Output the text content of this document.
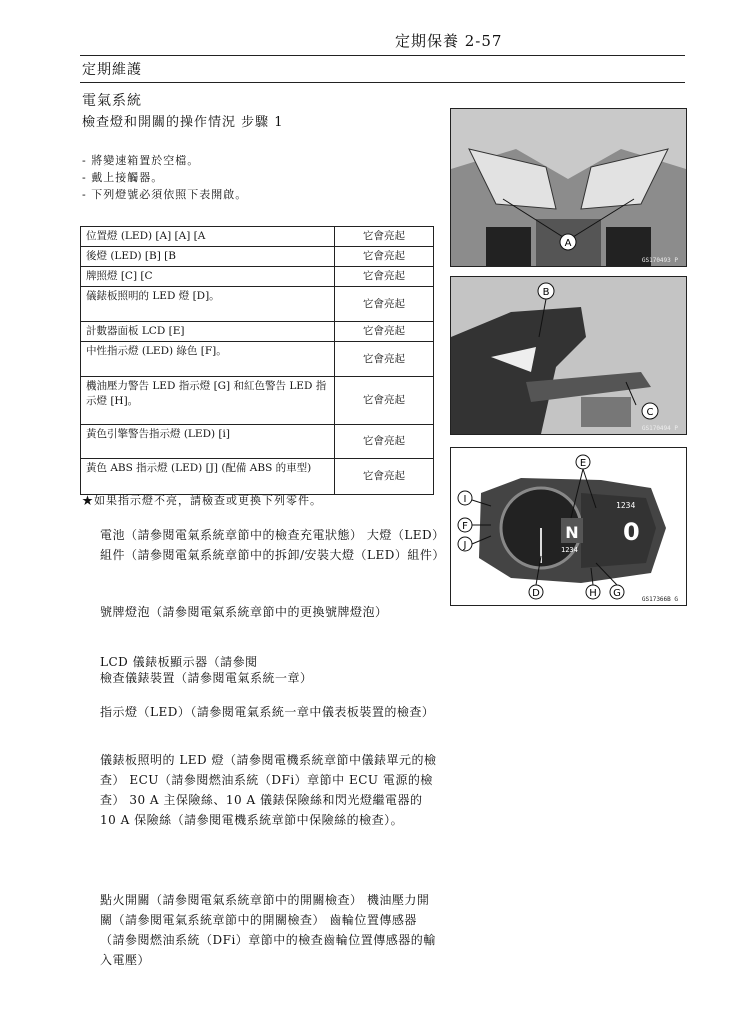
定期保養 2-57
定期維護
電氣系統
檢查燈和開關的操作情況 步驟 1
- 將變速箱置於空檔。
- 戴上接觸器。
- 下列燈號必須依照下表開啟。
位置燈 (LED) [A] [A] [A	它會亮起
後燈 (LED) [B] [B	它會亮起
牌照燈 [C] [C	它會亮起
儀錶板照明的 LED 燈 [D]。	它會亮起
計數器面板 LCD [E]	它會亮起
中性指示燈 (LED) 綠色 [F]。	它會亮起
機油壓力警告 LED 指示燈 [G] 和紅色警告 LED 指示燈 [H]。	它會亮起
黃色引擎警告指示燈 (LED) [i]	它會亮起
黃色 ABS 指示燈 (LED) [J] (配備 ABS 的車型)	它會亮起
★如果指示燈不亮，請檢查或更換下列零件。
電池（請參閱電氣系統章節中的檢查充電狀態） 大燈（LED）組件（請參閱電氣系統章節中的拆卸/安裝大燈（LED）組件）
號牌燈泡（請參閱電氣系統章節中的更換號牌燈泡）
LCD 儀錶板顯示器（請參閱
檢查儀錶裝置（請參閱電氣系統一章）
指示燈（LED）（請參閱電氣系統一章中儀表板裝置的檢查）
儀錶板照明的 LED 燈（請參閱電機系統章節中儀錶單元的檢查） ECU（請參閱燃油系統（DFi）章節中 ECU 電源的檢查） 30 A 主保險絲、10 A 儀錶保險絲和閃光燈繼電器的 10 A 保險絲（請參閱電機系統章節中保險絲的檢查）。
點火開關（請參閱電氣系統章節中的開關檢查） 機油壓力開關（請參閱電氣系統章節中的開關檢查） 齒輪位置傳感器（請參閱燃油系統（DFi）章節中的檢查齒輪位置傳感器的輸入電壓）
A
GS170493 P
B
C
GS170494 P
N
1234
1234
0
E
I
F
J
D	H G
GS17366B G
